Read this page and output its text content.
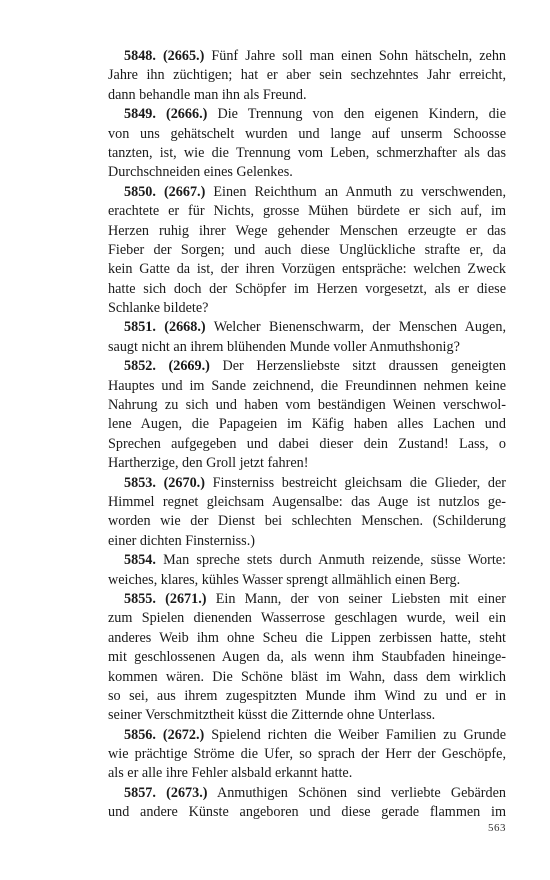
5848. (2665.) Fünf Jahre soll man einen Sohn hätscheln, zehn
Jahre ihn züchtigen; hat er aber sein sechzehntes Jahr erreicht,
dann behandle man ihn als Freund.
5849. (2666.) Die Trennung von den eigenen Kindern, die
von uns gehätschelt wurden und lange auf unserm Schoosse
tanzten, ist, wie die Trennung vom Leben, schmerzhafter als das
Durchschneiden eines Gelenkes.
5850. (2667.) Einen Reichthum an Anmuth zu verschwenden,
erachtete er für Nichts, grosse Mühen bürdete er sich auf, im
Herzen ruhig ihrer Wege gehender Menschen erzeugte er das
Fieber der Sorgen; und auch diese Unglückliche strafte er, da
kein Gatte da ist, der ihren Vorzügen entspräche: welchen Zweck
hatte sich doch der Schöpfer im Herzen vorgesetzt, als er diese
Schlanke bildete?
5851. (2668.) Welcher Bienenschwarm, der Menschen Augen,
saugt nicht an ihrem blühenden Munde voller Anmuthshonig?
5852. (2669.) Der Herzensliebste sitzt draussen geneigten
Hauptes und im Sande zeichnend, die Freundinnen nehmen keine
Nahrung zu sich und haben vom beständigen Weinen verschwol-
lene Augen, die Papageien im Käfig haben alles Lachen und
Sprechen aufgegeben und dabei dieser dein Zustand! Lass, o
Hartherzige, den Groll jetzt fahren!
5853. (2670.) Finsterniss bestreicht gleichsam die Glieder, der
Himmel regnet gleichsam Augensalbe: das Auge ist nutzlos ge-
worden wie der Dienst bei schlechten Menschen. (Schilderung
einer dichten Finsterniss.)
5854. Man spreche stets durch Anmuth reizende, süsse Worte:
weiches, klares, kühles Wasser sprengt allmählich einen Berg.
5855. (2671.) Ein Mann, der von seiner Liebsten mit einer
zum Spielen dienenden Wasserrose geschlagen wurde, weil ein
anderes Weib ihm ohne Scheu die Lippen zerbissen hatte, steht
mit geschlossenen Augen da, als wenn ihm Staubfaden hineinge-
kommen wären. Die Schöne bläst im Wahn, dass dem wirklich
so sei, aus ihrem zugespitzten Munde ihm Wind zu und er in
seiner Verschmitztheit küsst die Zitternde ohne Unterlass.
5856. (2672.) Spielend richten die Weiber Familien zu Grunde
wie prächtige Ströme die Ufer, so sprach der Herr der Geschöpfe,
als er alle ihre Fehler alsbald erkannt hatte.
5857. (2673.) Anmuthigen Schönen sind verliebte Gebärden
und andere Künste angeboren und diese gerade flammen im
563
